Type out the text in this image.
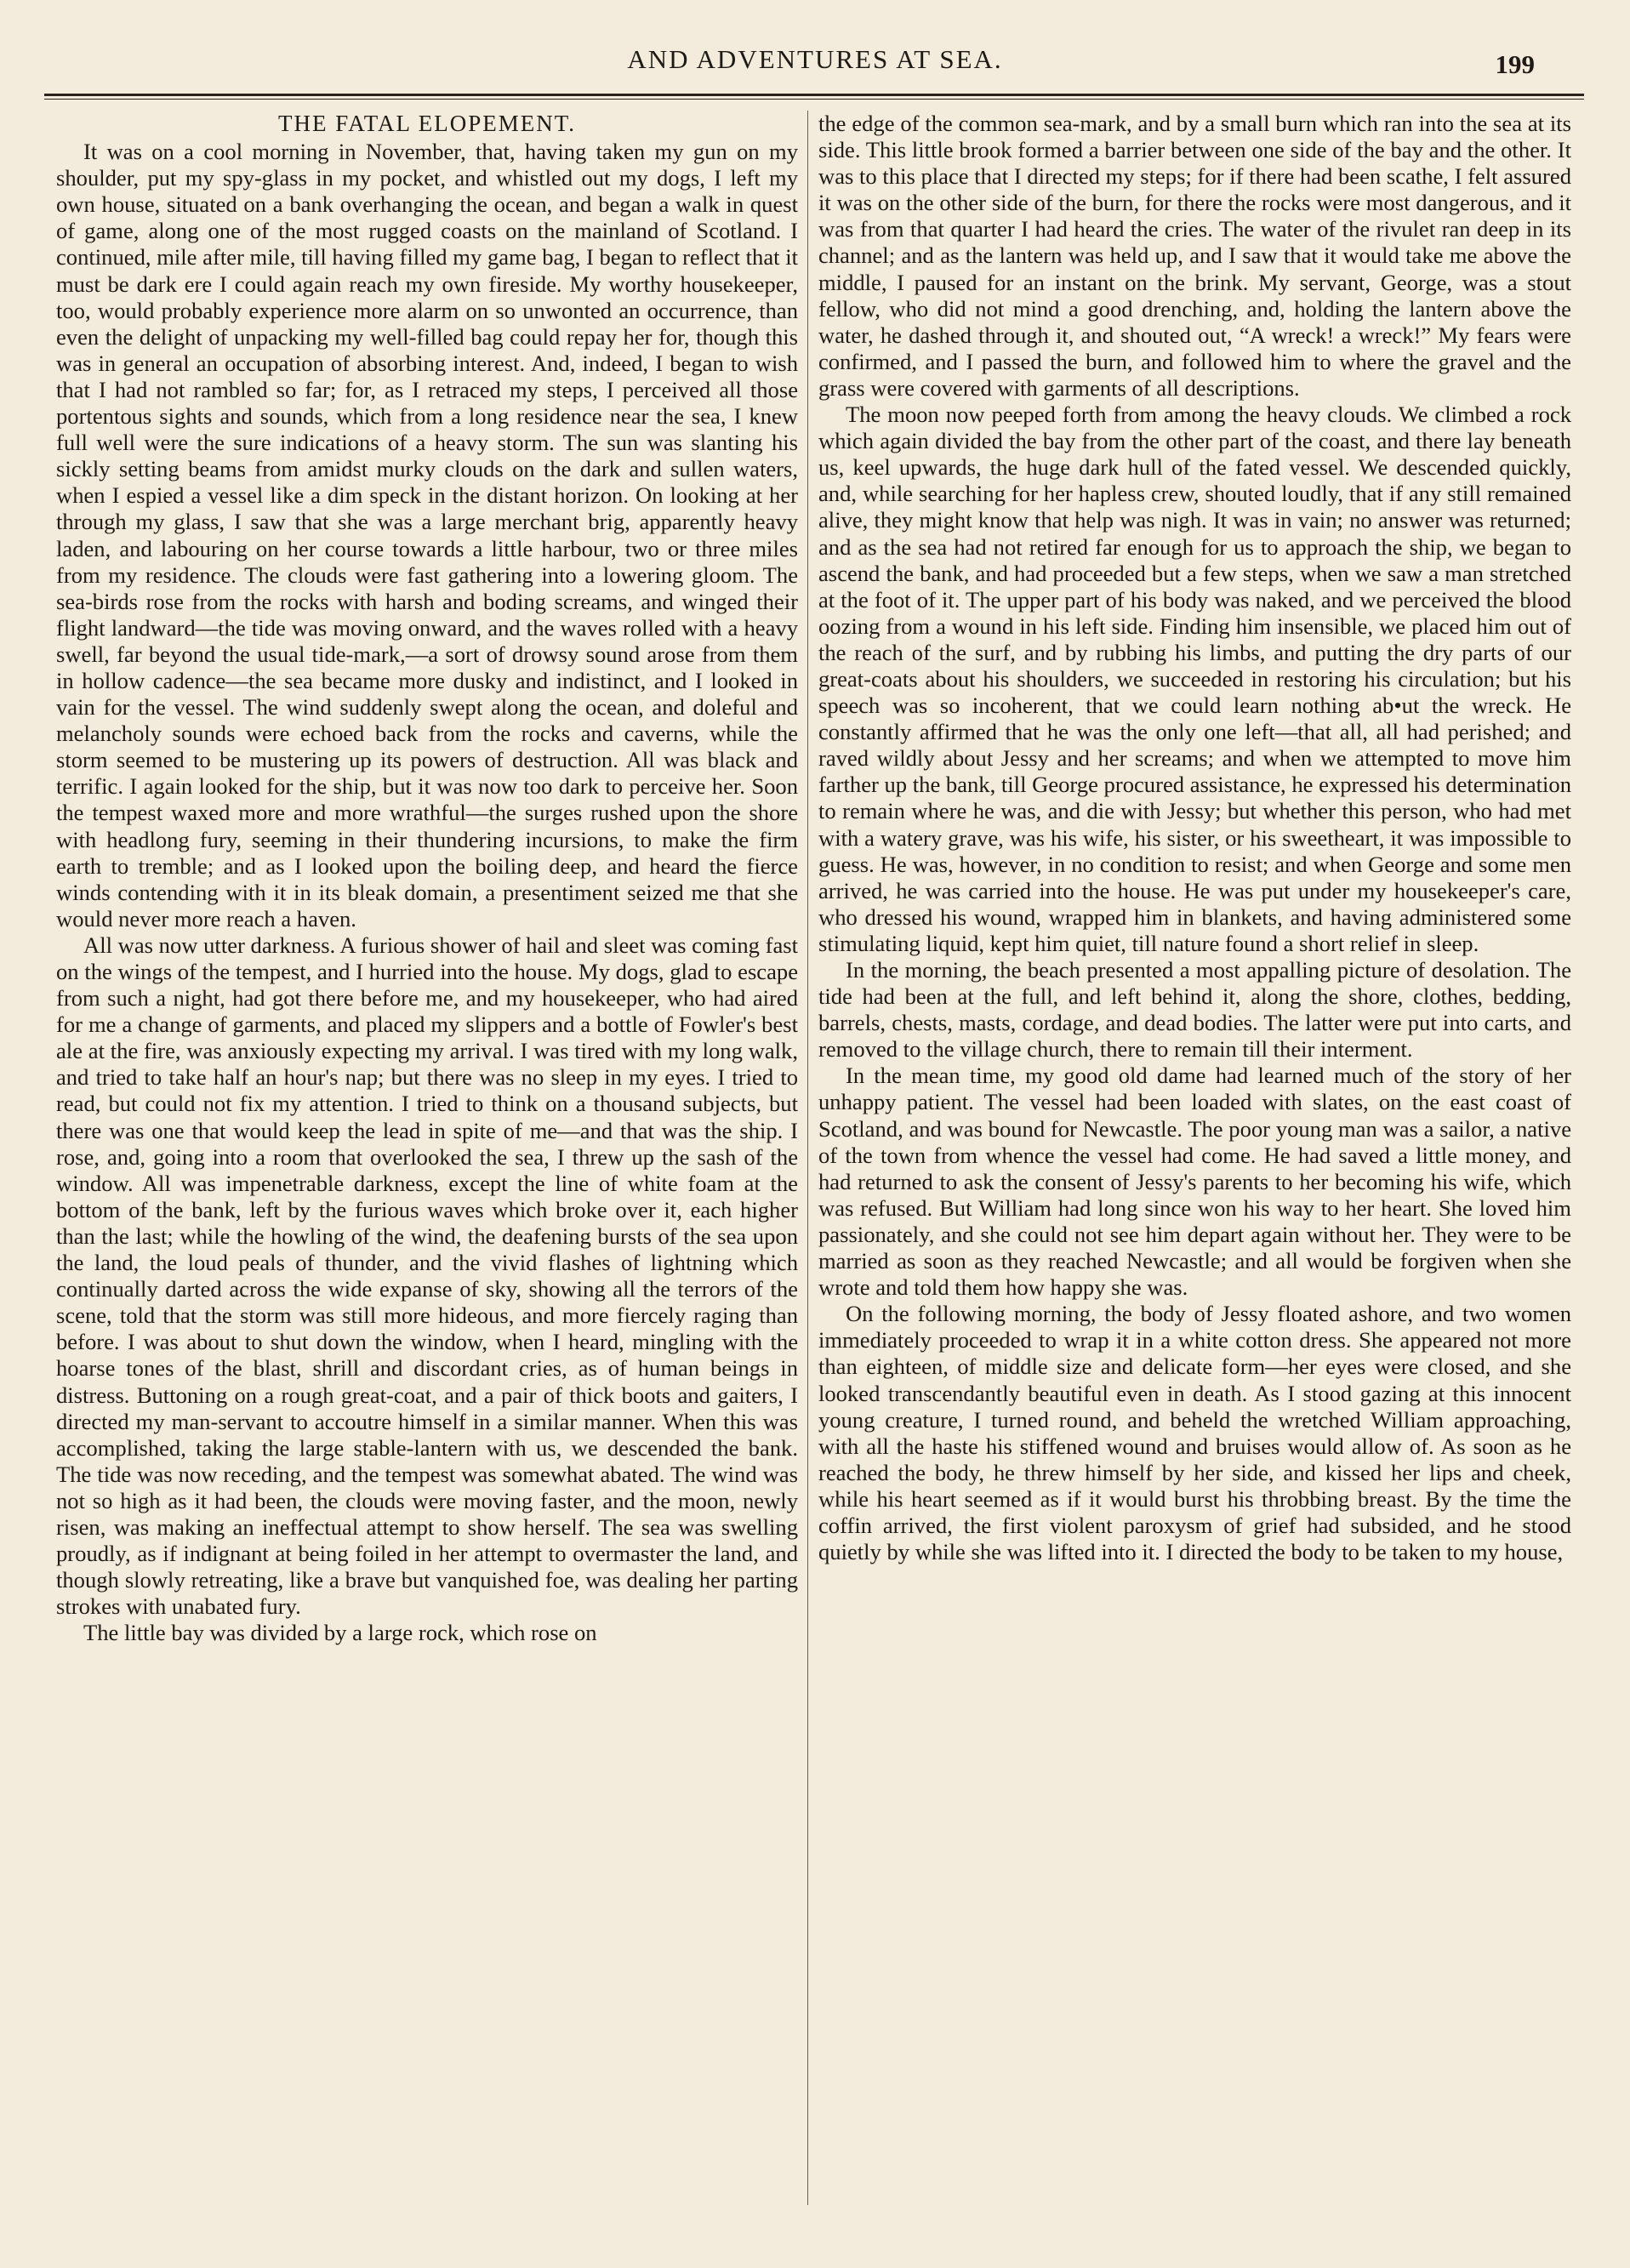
AND ADVENTURES AT SEA.	199
THE FATAL ELOPEMENT.

It was on a cool morning in November, that, having taken my gun on my shoulder, put my spy-glass in my pocket, and whistled out my dogs, I left my own house, situated on a bank overhanging the ocean, and began a walk in quest of game, along one of the most rugged coasts on the mainland of Scotland. I continued, mile after mile, till having filled my game bag, I began to reflect that it must be dark ere I could again reach my own fireside. My worthy housekeeper, too, would probably experience more alarm on so unwonted an occurrence, than even the delight of unpacking my well-filled bag could repay her for, though this was in general an occupation of absorbing interest. And, indeed, I began to wish that I had not rambled so far; for, as I retraced my steps, I perceived all those portentous sights and sounds, which from a long residence near the sea, I knew full well were the sure indications of a heavy storm. The sun was slanting his sickly setting beams from amidst murky clouds on the dark and sullen waters, when I espied a vessel like a dim speck in the distant horizon. On looking at her through my glass, I saw that she was a large merchant brig, apparently heavy laden, and labouring on her course towards a little harbour, two or three miles from my residence. The clouds were fast gathering into a lowering gloom. The sea-birds rose from the rocks with harsh and boding screams, and winged their flight landward—the tide was moving onward, and the waves rolled with a heavy swell, far beyond the usual tide-mark,—a sort of drowsy sound arose from them in hollow cadence—the sea became more dusky and indistinct, and I looked in vain for the vessel. The wind suddenly swept along the ocean, and doleful and melancholy sounds were echoed back from the rocks and caverns, while the storm seemed to be mustering up its powers of destruction. All was black and terrific. I again looked for the ship, but it was now too dark to perceive her. Soon the tempest waxed more and more wrathful—the surges rushed upon the shore with headlong fury, seeming in their thundering incursions, to make the firm earth to tremble; and as I looked upon the boiling deep, and heard the fierce winds contending with it in its bleak domain, a presentiment seized me that she would never more reach a haven.

All was now utter darkness. A furious shower of hail and sleet was coming fast on the wings of the tempest, and I hurried into the house. My dogs, glad to escape from such a night, had got there before me, and my housekeeper, who had aired for me a change of garments, and placed my slippers and a bottle of Fowler's best ale at the fire, was anxiously expecting my arrival. I was tired with my long walk, and tried to take half an hour's nap; but there was no sleep in my eyes. I tried to read, but could not fix my attention. I tried to think on a thousand subjects, but there was one that would keep the lead in spite of me—and that was the ship. I rose, and, going into a room that overlooked the sea, I threw up the sash of the window. All was impenetrable darkness, except the line of white foam at the bottom of the bank, left by the furious waves which broke over it, each higher than the last; while the howling of the wind, the deafening bursts of the sea upon the land, the loud peals of thunder, and the vivid flashes of lightning which continually darted across the wide expanse of sky, showing all the terrors of the scene, told that the storm was still more hideous, and more fiercely raging than before. I was about to shut down the window, when I heard, mingling with the hoarse tones of the blast, shrill and discordant cries, as of human beings in distress. Buttoning on a rough great-coat, and a pair of thick boots and gaiters, I directed my man-servant to accoutre himself in a similar manner. When this was accomplished, taking the large stable-lantern with us, we descended the bank. The tide was now receding, and the tempest was somewhat abated. The wind was not so high as it had been, the clouds were moving faster, and the moon, newly risen, was making an ineffectual attempt to show herself. The sea was swelling proudly, as if indignant at being foiled in her attempt to overmaster the land, and though slowly retreating, like a brave but vanquished foe, was dealing her parting strokes with unabated fury.

The little bay was divided by a large rock, which rose on

the edge of the common sea-mark, and by a small burn which ran into the sea at its side. This little brook formed a barrier between one side of the bay and the other. It was to this place that I directed my steps; for if there had been scathe, I felt assured it was on the other side of the burn, for there the rocks were most dangerous, and it was from that quarter I had heard the cries. The water of the rivulet ran deep in its channel; and as the lantern was held up, and I saw that it would take me above the middle, I paused for an instant on the brink. My servant, George, was a stout fellow, who did not mind a good drenching, and, holding the lantern above the water, he dashed through it, and shouted out, “A wreck! a wreck!” My fears were confirmed, and I passed the burn, and followed him to where the gravel and the grass were covered with garments of all descriptions.

The moon now peeped forth from among the heavy clouds. We climbed a rock which again divided the bay from the other part of the coast, and there lay beneath us, keel upwards, the huge dark hull of the fated vessel. We descended quickly, and, while searching for her hapless crew, shouted loudly, that if any still remained alive, they might know that help was nigh. It was in vain; no answer was returned; and as the sea had not retired far enough for us to approach the ship, we began to ascend the bank, and had proceeded but a few steps, when we saw a man stretched at the foot of it. The upper part of his body was naked, and we perceived the blood oozing from a wound in his left side. Finding him insensible, we placed him out of the reach of the surf, and by rubbing his limbs, and putting the dry parts of our great-coats about his shoulders, we succeeded in restoring his circulation; but his speech was so incoherent, that we could learn nothing ab•ut the wreck. He constantly affirmed that he was the only one left—that all, all had perished; and raved wildly about Jessy and her screams; and when we attempted to move him farther up the bank, till George procured assistance, he expressed his determination to remain where he was, and die with Jessy; but whether this person, who had met with a watery grave, was his wife, his sister, or his sweetheart, it was impossible to guess. He was, however, in no condition to resist; and when George and some men arrived, he was carried into the house. He was put under my housekeeper's care, who dressed his wound, wrapped him in blankets, and having administered some stimulating liquid, kept him quiet, till nature found a short relief in sleep.

In the morning, the beach presented a most appalling picture of desolation. The tide had been at the full, and left behind it, along the shore, clothes, bedding, barrels, chests, masts, cordage, and dead bodies. The latter were put into carts, and removed to the village church, there to remain till their interment.

In the mean time, my good old dame had learned much of the story of her unhappy patient. The vessel had been loaded with slates, on the east coast of Scotland, and was bound for Newcastle. The poor young man was a sailor, a native of the town from whence the vessel had come. He had saved a little money, and had returned to ask the consent of Jessy's parents to her becoming his wife, which was refused. But William had long since won his way to her heart. She loved him passionately, and she could not see him depart again without her. They were to be married as soon as they reached Newcastle; and all would be forgiven when she wrote and told them how happy she was.

On the following morning, the body of Jessy floated ashore, and two women immediately proceeded to wrap it in a white cotton dress. She appeared not more than eighteen, of middle size and delicate form—her eyes were closed, and she looked transcendantly beautiful even in death. As I stood gazing at this innocent young creature, I turned round, and beheld the wretched William approaching, with all the haste his stiffened wound and bruises would allow of. As soon as he reached the body, he threw himself by her side, and kissed her lips and cheek, while his heart seemed as if it would burst his throbbing breast. By the time the coffin arrived, the first violent paroxysm of grief had subsided, and he stood quietly by while she was lifted into it. I directed the body to be taken to my house,
